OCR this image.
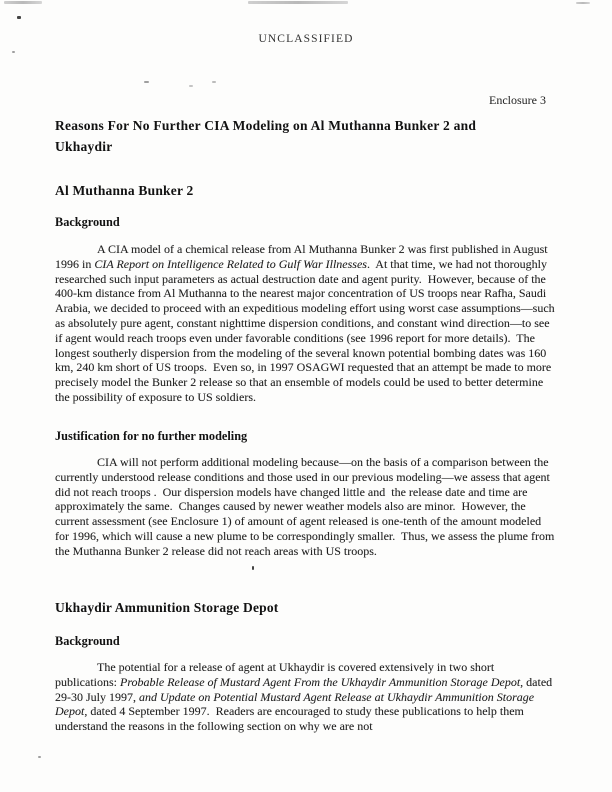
UNCLASSIFIED
Enclosure 3
Reasons For No Further CIA Modeling on Al Muthanna Bunker 2 and Ukhaydir
Al Muthanna Bunker 2
Background
A CIA model of a chemical release from Al Muthanna Bunker 2 was first published in August 1996 in CIA Report on Intelligence Related to Gulf War Illnesses.  At that time, we had not thoroughly researched such input parameters as actual destruction date and agent purity.  However, because of the 400-km distance from Al Muthanna to the nearest major concentration of US troops near Rafha, Saudi Arabia, we decided to proceed with an expeditious modeling effort using worst case assumptions—such as absolutely pure agent, constant nighttime dispersion conditions, and constant wind direction—to see if agent would reach troops even under favorable conditions (see 1996 report for more details).  The longest southerly dispersion from the modeling of the several known potential bombing dates was 160 km, 240 km short of US troops.  Even so, in 1997 OSAGWI requested that an attempt be made to more precisely model the Bunker 2 release so that an ensemble of models could be used to better determine the possibility of exposure to US soldiers.
Justification for no further modeling
CIA will not perform additional modeling because—on the basis of a comparison between the currently understood release conditions and those used in our previous modeling—we assess that agent did not reach troops .  Our dispersion models have changed little and  the release date and time are approximately the same.  Changes caused by newer weather models also are minor.  However, the current assessment (see Enclosure 1) of amount of agent released is one-tenth of the amount modeled for 1996, which will cause a new plume to be correspondingly smaller.  Thus, we assess the plume from the Muthanna Bunker 2 release did not reach areas with US troops.
Ukhaydir Ammunition Storage Depot
Background
The potential for a release of agent at Ukhaydir is covered extensively in two short publications: Probable Release of Mustard Agent From the Ukhaydir Ammunition Storage Depot, dated 29-30 July 1997, and Update on Potential Mustard Agent Release at Ukhaydir Ammunition Storage Depot, dated 4 September 1997.  Readers are encouraged to study these publications to help them understand the reasons in the following section on why we are not
